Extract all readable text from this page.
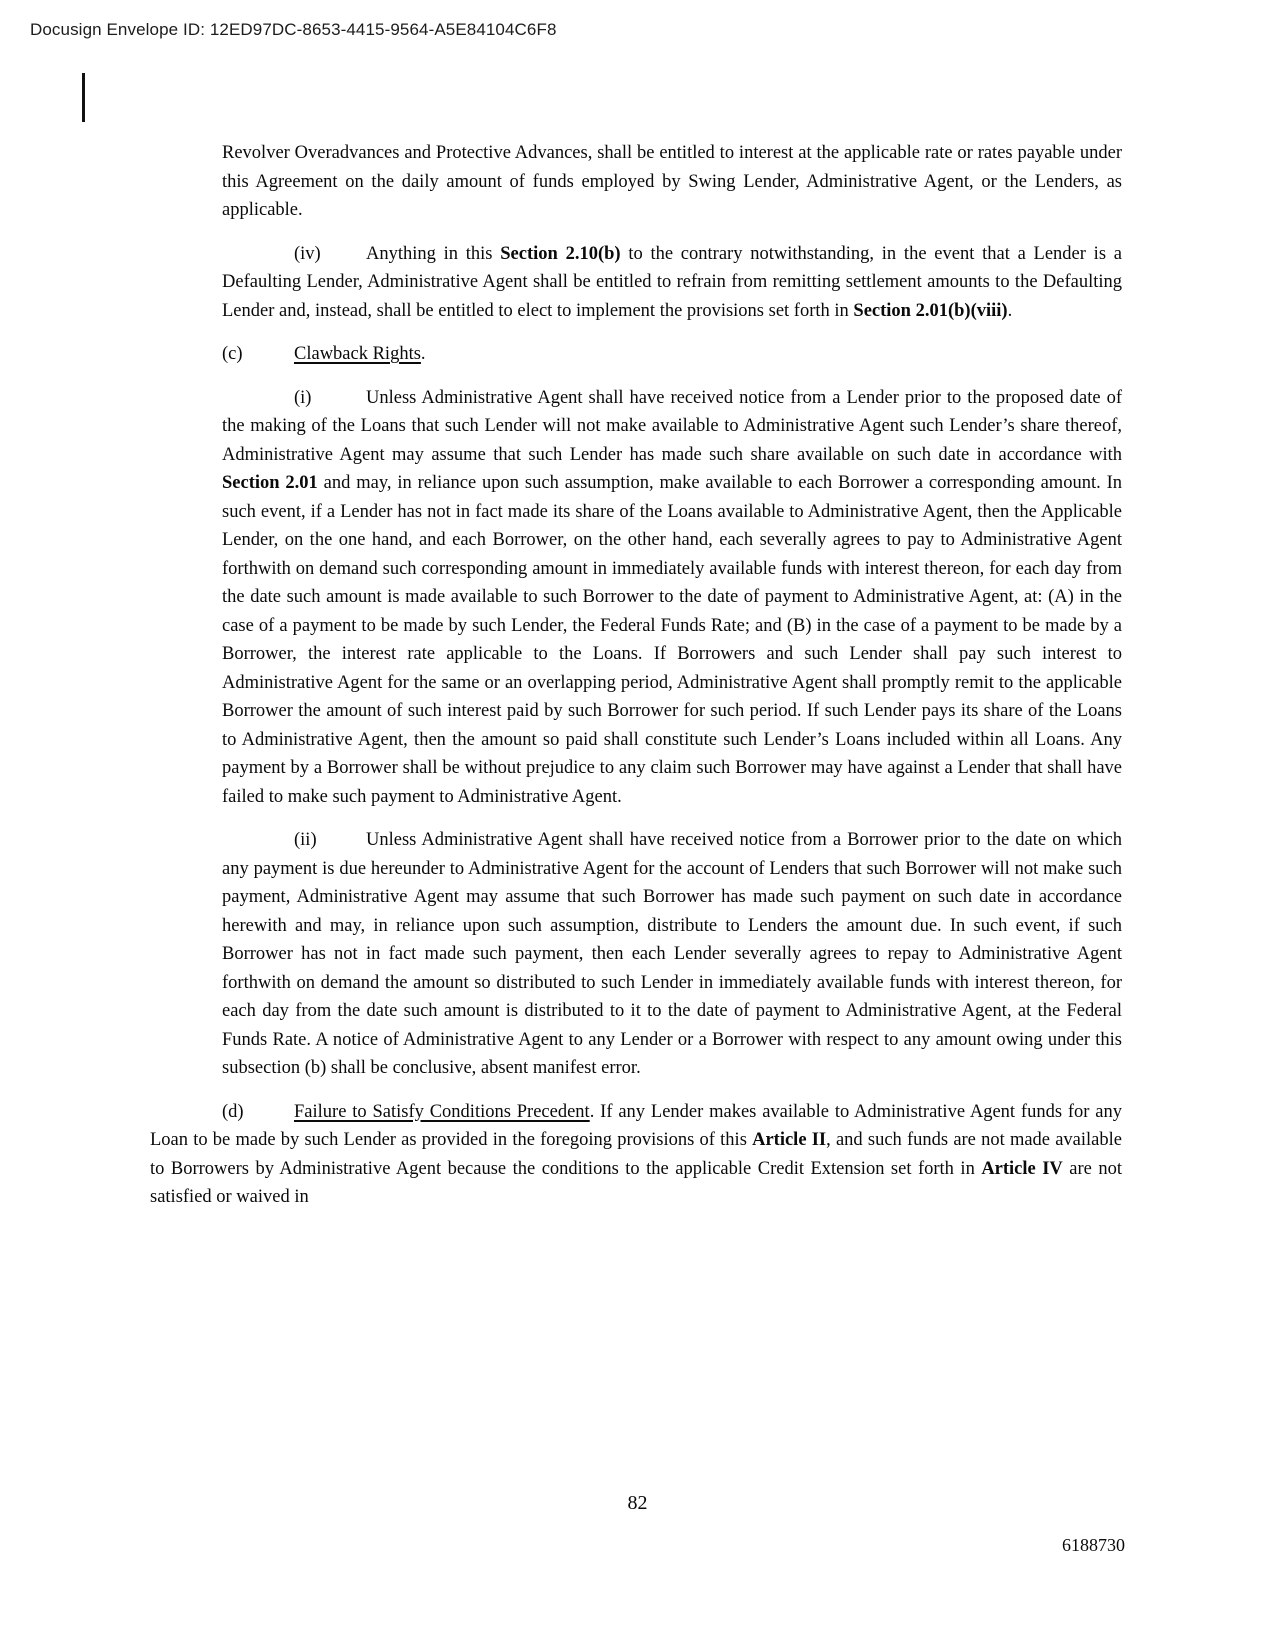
Docusign Envelope ID: 12ED97DC-8653-4415-9564-A5E84104C6F8

Revolver Overadvances and Protective Advances, shall be entitled to interest at the applicable rate or rates payable under this Agreement on the daily amount of funds employed by Swing Lender, Administrative Agent, or the Lenders, as applicable.

(iv) Anything in this Section 2.10(b) to the contrary notwithstanding, in the event that a Lender is a Defaulting Lender, Administrative Agent shall be entitled to refrain from remitting settlement amounts to the Defaulting Lender and, instead, shall be entitled to elect to implement the provisions set forth in Section 2.01(b)(viii).

(c)	Clawback Rights.

(i)	Unless Administrative Agent shall have received notice from a Lender prior to the proposed date of the making of the Loans that such Lender will not make available to Administrative Agent such Lender’s share thereof, Administrative Agent may assume that such Lender has made such share available on such date in accordance with Section 2.01 and may, in reliance upon such assumption, make available to each Borrower a corresponding amount. In such event, if a Lender has not in fact made its share of the Loans available to Administrative Agent, then the Applicable Lender, on the one hand, and each Borrower, on the other hand, each severally agrees to pay to Administrative Agent forthwith on demand such corresponding amount in immediately available funds with interest thereon, for each day from the date such amount is made available to such Borrower to the date of payment to Administrative Agent, at: (A) in the case of a payment to be made by such Lender, the Federal Funds Rate; and (B) in the case of a payment to be made by a Borrower, the interest rate applicable to the Loans. If Borrowers and such Lender shall pay such interest to Administrative Agent for the same or an overlapping period, Administrative Agent shall promptly remit to the applicable Borrower the amount of such interest paid by such Borrower for such period. If such Lender pays its share of the Loans to Administrative Agent, then the amount so paid shall constitute such Lender’s Loans included within all Loans. Any payment by a Borrower shall be without prejudice to any claim such Borrower may have against a Lender that shall have failed to make such payment to Administrative Agent.

(ii)	Unless Administrative Agent shall have received notice from a Borrower prior to the date on which any payment is due hereunder to Administrative Agent for the account of Lenders that such Borrower will not make such payment, Administrative Agent may assume that such Borrower has made such payment on such date in accordance herewith and may, in reliance upon such assumption, distribute to Lenders the amount due. In such event, if such Borrower has not in fact made such payment, then each Lender severally agrees to repay to Administrative Agent forthwith on demand the amount so distributed to such Lender in immediately available funds with interest thereon, for each day from the date such amount is distributed to it to the date of payment to Administrative Agent, at the Federal Funds Rate. A notice of Administrative Agent to any Lender or a Borrower with respect to any amount owing under this subsection (b) shall be conclusive, absent manifest error.

(d)	Failure to Satisfy Conditions Precedent. If any Lender makes available to Administrative Agent funds for any Loan to be made by such Lender as provided in the foregoing provisions of this Article II, and such funds are not made available to Borrowers by Administrative Agent because the conditions to the applicable Credit Extension set forth in Article IV are not satisfied or waived in

82
6188730
